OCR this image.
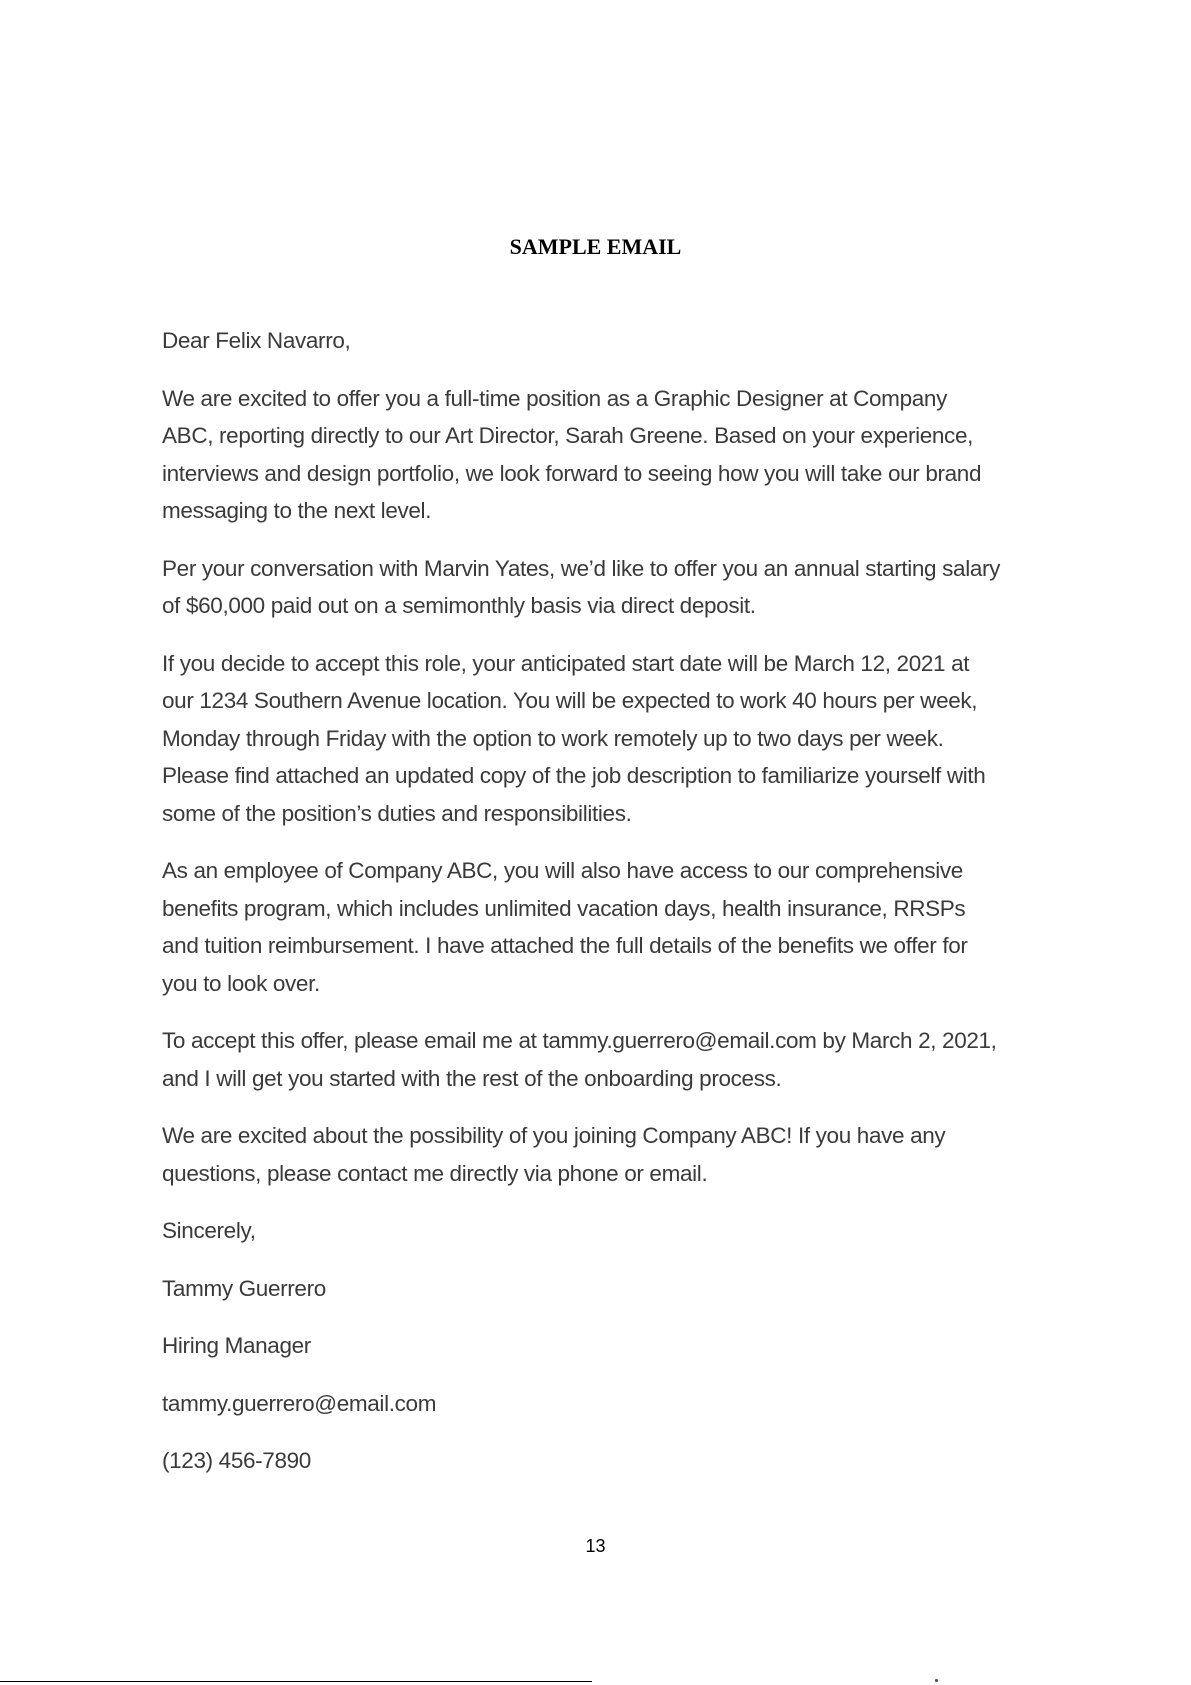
SAMPLE EMAIL

Dear Felix Navarro,

We are excited to offer you a full-time position as a Graphic Designer at Company ABC, reporting directly to our Art Director, Sarah Greene. Based on your experience, interviews and design portfolio, we look forward to seeing how you will take our brand messaging to the next level.

Per your conversation with Marvin Yates, we’d like to offer you an annual starting salary of $60,000 paid out on a semimonthly basis via direct deposit.

If you decide to accept this role, your anticipated start date will be March 12, 2021 at our 1234 Southern Avenue location. You will be expected to work 40 hours per week, Monday through Friday with the option to work remotely up to two days per week. Please find attached an updated copy of the job description to familiarize yourself with some of the position’s duties and responsibilities.

As an employee of Company ABC, you will also have access to our comprehensive benefits program, which includes unlimited vacation days, health insurance, RRSPs and tuition reimbursement. I have attached the full details of the benefits we offer for you to look over.

To accept this offer, please email me at tammy.guerrero@email.com by March 2, 2021, and I will get you started with the rest of the onboarding process.

We are excited about the possibility of you joining Company ABC! If you have any questions, please contact me directly via phone or email.

Sincerely,

Tammy Guerrero

Hiring Manager

tammy.guerrero@email.com

(123) 456-7890

13
